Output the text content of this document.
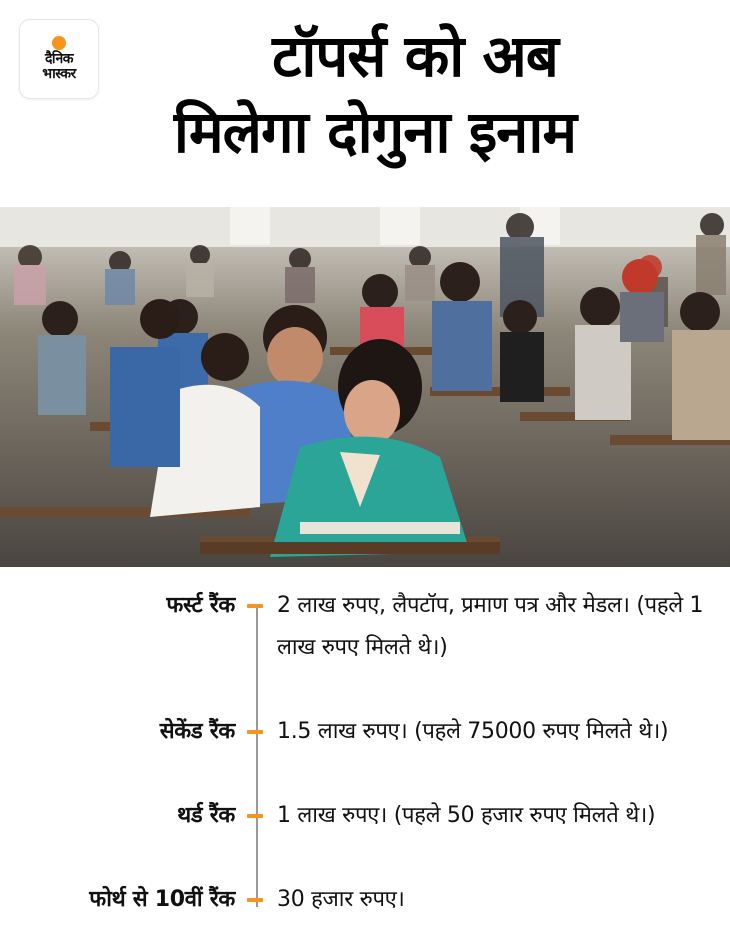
दैनिक
भास्कर	टॉपर्स को अब
मिलेगा दोगुना इनाम
फर्स्ट रैंक 2 लाख रुपए, लैपटॉप, प्रमाण पत्र और मेडल। (पहले 1 लाख रुपए मिलते थे।)
सेकेंड रैंक 1.5 लाख रुपए। (पहले 75000 रुपए मिलते थे।)
थर्ड रैंक 1 लाख रुपए। (पहले 50 हजार रुपए मिलते थे।)
फोर्थ से 10वीं रैंक 30 हजार रुपए।
